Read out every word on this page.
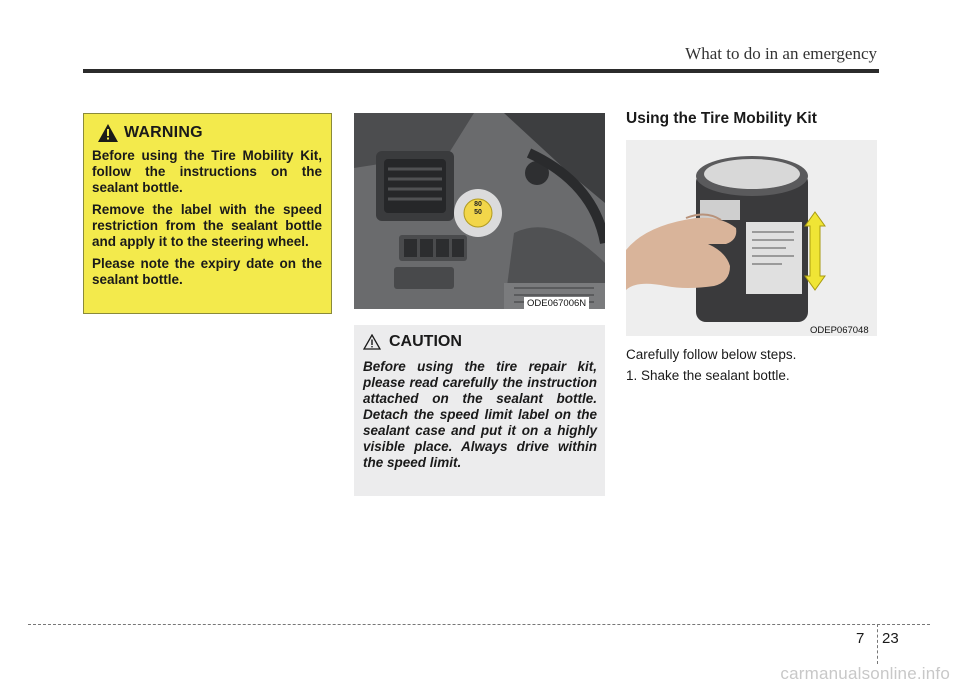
What to do in an emergency
WARNING

Before using the Tire Mobility Kit, follow the instructions on the sealant bottle.

Remove the label with the speed restriction from the sealant bottle and apply it to the steering wheel.

Please note the expiry date on the sealant bottle.

80
50
ODE067006N
CAUTION

Before using the tire repair kit, please read carefully the instruction attached on the sealant bottle. Detach the speed limit label on the sealant case and put it on a highly visible place. Always drive within the speed limit.

Using the Tire Mobility Kit
ODEP067048
Carefully follow below steps.
1. Shake the sealant bottle.
7 23
carmanualsonline.info
